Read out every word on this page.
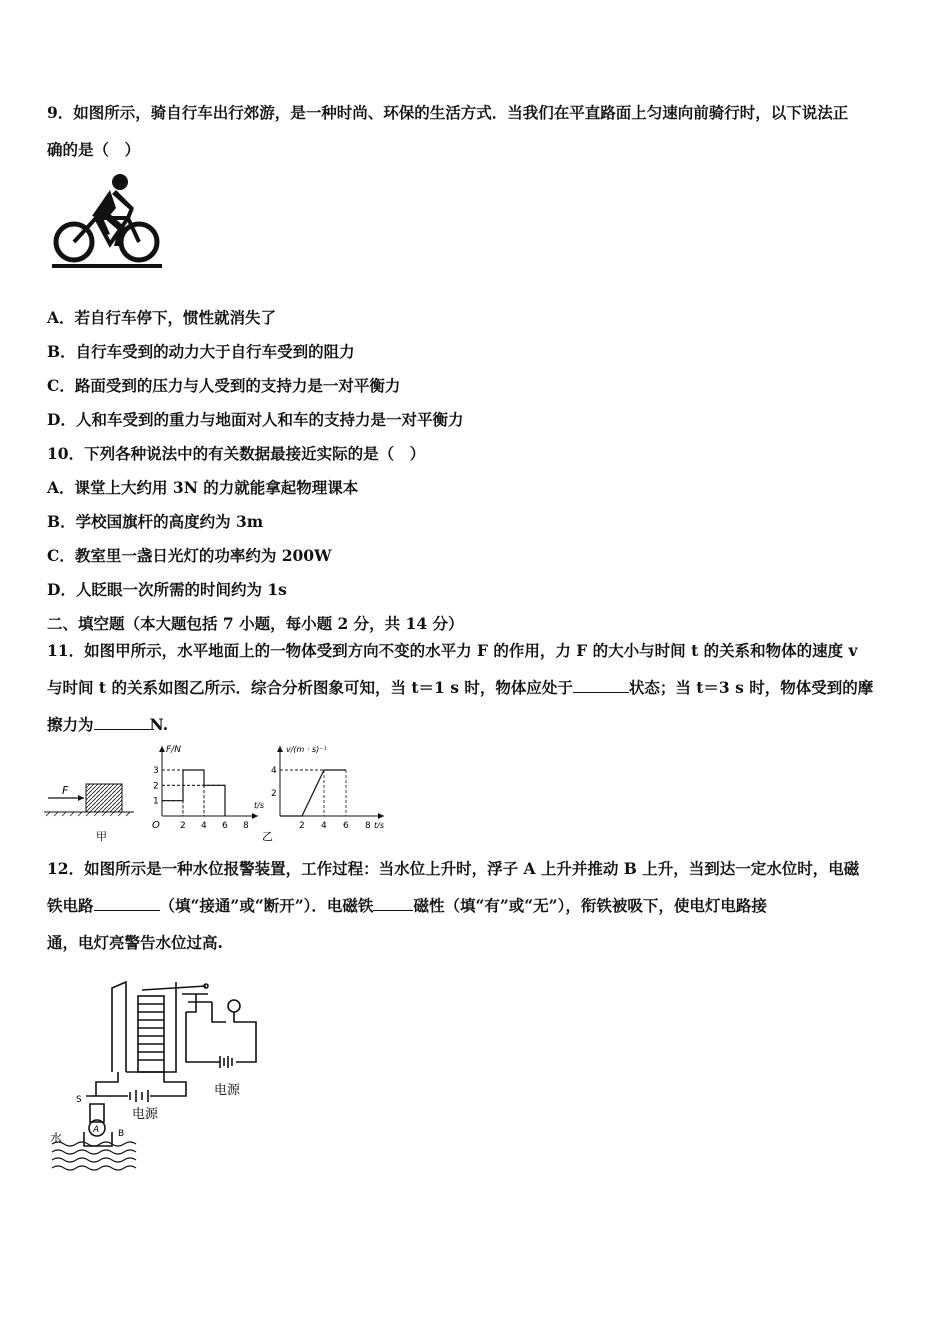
9．如图所示，骑自行车出行郊游，是一种时尚、环保的生活方式．当我们在平直路面上匀速向前骑行时，以下说法正
确的是（　）
A．若自行车停下，惯性就消失了
B．自行车受到的动力大于自行车受到的阻力
C．路面受到的压力与人受到的支持力是一对平衡力
D．人和车受到的重力与地面对人和车的支持力是一对平衡力
10．下列各种说法中的有关数据最接近实际的是（　）
A．课堂上大约用 3N 的力就能拿起物理课本
B．学校国旗杆的高度约为 3m
C．教室里一盏日光灯的功率约为 200W
D．人眨眼一次所需的时间约为 1s
二、填空题（本大题包括 7 小题，每小题 2 分，共 14 分）
11．如图甲所示，水平地面上的一物体受到方向不变的水平力 F 的作用，力 F 的大小与时间 t 的关系和物体的速度 v
与时间 t 的关系如图乙所示．综合分析图象可知，当 t＝1 s 时，物体应处于	状态；当 t＝3 s 时，物体受到的摩
擦力为	N.
F
甲
F/N
t/s
O
1
2
3
2 4 6 8
v/(m · s)⁻¹
t/s
2
4
2 4 6 8
乙
12．如图所示是一种水位报警装置，工作过程：当水位上升时，浮子 A 上升并推动 B 上升，当到达一定水位时，电磁
铁电路	（填“接通”或“断开”）．电磁铁	磁性（填“有”或“无”），衔铁被吸下，使电灯电路接
通，电灯亮警告水位过高.
电源
电源
水
S
A B
